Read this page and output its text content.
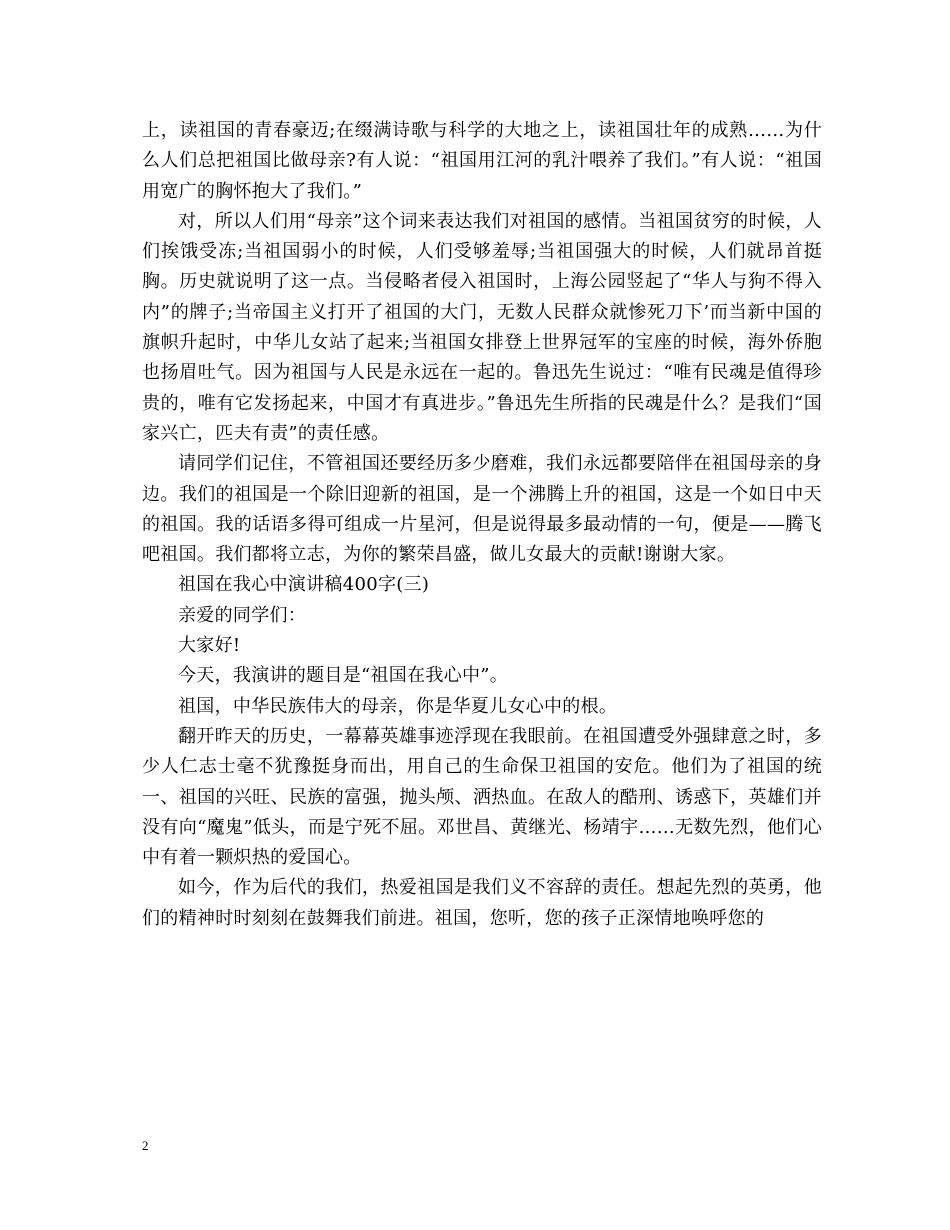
上，读祖国的青春豪迈;在缀满诗歌与科学的大地之上，读祖国壮年的成熟……为什么人们总把祖国比做母亲?有人说：“祖国用江河的乳汁喂养了我们。”有人说：“祖国用宽广的胸怀抱大了我们。”

对，所以人们用“母亲”这个词来表达我们对祖国的感情。当祖国贫穷的时候，人们挨饿受冻;当祖国弱小的时候，人们受够羞辱;当祖国强大的时候，人们就昂首挺胸。历史就说明了这一点。当侵略者侵入祖国时，上海公园竖起了“华人与狗不得入内”的牌子;当帝国主义打开了祖国的大门，无数人民群众就惨死刀下’而当新中国的旗帜升起时，中华儿女站了起来;当祖国女排登上世界冠军的宝座的时候，海外侨胞也扬眉吐气。因为祖国与人民是永远在一起的。鲁迅先生说过：“唯有民魂是值得珍贵的，唯有它发扬起来，中国才有真进步。”鲁迅先生所指的民魂是什么？是我们“国家兴亡，匹夫有责”的责任感。

请同学们记住，不管祖国还要经历多少磨难，我们永远都要陪伴在祖国母亲的身边。我们的祖国是一个除旧迎新的祖国，是一个沸腾上升的祖国，这是一个如日中天的祖国。我的话语多得可组成一片星河，但是说得最多最动情的一句，便是——腾飞吧祖国。我们都将立志，为你的繁荣昌盛，做儿女最大的贡献!谢谢大家。

祖国在我心中演讲稿400字(三)

亲爱的同学们：

大家好!

今天，我演讲的题目是“祖国在我心中”。

祖国，中华民族伟大的母亲，你是华夏儿女心中的根。

翻开昨天的历史，一幕幕英雄事迹浮现在我眼前。在祖国遭受外强肆意之时，多少人仁志士毫不犹豫挺身而出，用自己的生命保卫祖国的安危。他们为了祖国的统一、祖国的兴旺、民族的富强，抛头颅、洒热血。在敌人的酷刑、诱惑下，英雄们并没有向“魔鬼”低头，而是宁死不屈。邓世昌、黄继光、杨靖宇……无数先烈，他们心中有着一颗炽热的爱国心。

如今，作为后代的我们，热爱祖国是我们义不容辞的责任。想起先烈的英勇，他们的精神时时刻刻在鼓舞我们前进。祖国，您听，您的孩子正深情地唤呼您的

2
